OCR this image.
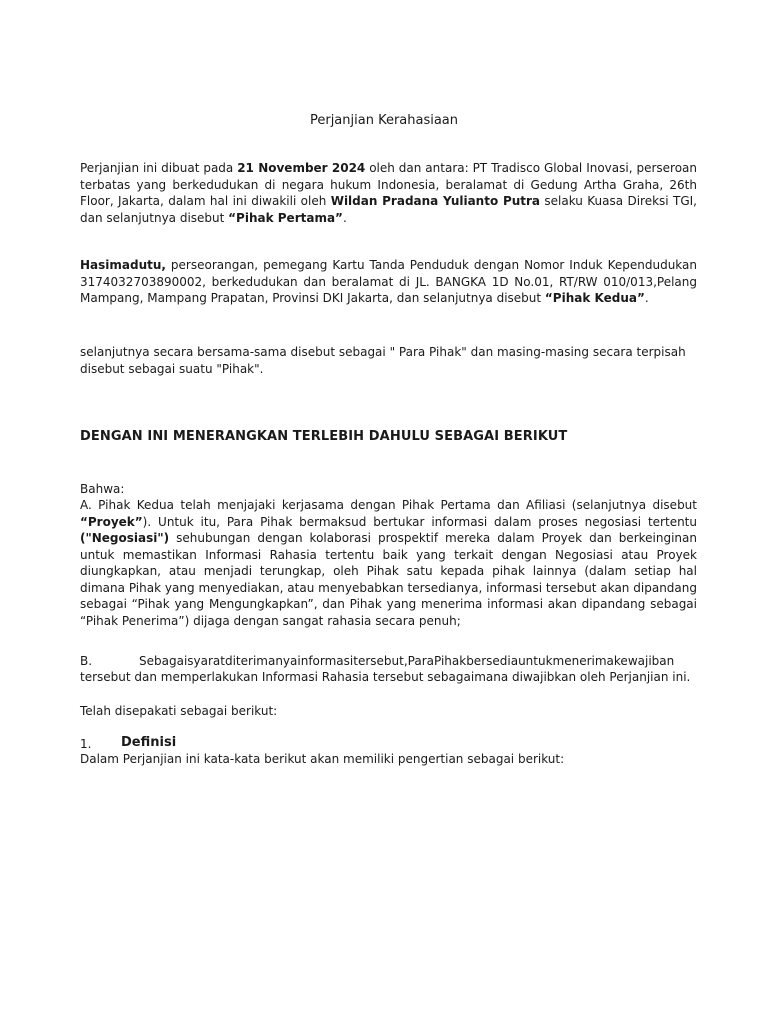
Perjanjian Kerahasiaan
Perjanjian ini dibuat pada 21 November 2024 oleh dan antara: PT Tradisco Global Inovasi, perseroan terbatas yang berkedudukan di negara hukum Indonesia, beralamat di Gedung Artha Graha, 26th Floor, Jakarta, dalam hal ini diwakili oleh Wildan Pradana Yulianto Putra selaku Kuasa Direksi TGI, dan selanjutnya disebut “Pihak Pertama”.
Hasimadutu, perseorangan, pemegang Kartu Tanda Penduduk dengan Nomor Induk Kependudukan 3174032703890002, berkedudukan dan beralamat di JL. BANGKA 1D No.01, RT/RW 010/013,Pelang Mampang, Mampang Prapatan, Provinsi DKI Jakarta, dan selanjutnya disebut “Pihak Kedua”.
selanjutnya secara bersama-sama disebut sebagai " Para Pihak" dan masing-masing secara terpisah disebut sebagai suatu "Pihak".
DENGAN INI MENERANGKAN TERLEBIH DAHULU SEBAGAI BERIKUT
Bahwa:
A. Pihak Kedua telah menjajaki kerjasama dengan Pihak Pertama dan Afiliasi (selanjutnya disebut “Proyek”). Untuk itu, Para Pihak bermaksud bertukar informasi dalam proses negosiasi tertentu ("Negosiasi") sehubungan dengan kolaborasi prospektif mereka dalam Proyek dan berkeinginan untuk memastikan Informasi Rahasia tertentu baik yang terkait dengan Negosiasi atau Proyek diungkapkan, atau menjadi terungkap, oleh Pihak satu kepada pihak lainnya (dalam setiap hal dimana Pihak yang menyediakan, atau menyebabkan tersedianya, informasi tersebut akan dipandang sebagai “Pihak yang Mengungkapkan”, dan Pihak yang menerima informasi akan dipandang sebagai “Pihak Penerima”) dijaga dengan sangat rahasia secara penuh;
B.	Sebagaisyaratditerimanyainformasitersebut,ParaPihakbersediauntukmenerimakewajiban
tersebut dan memperlakukan Informasi Rahasia tersebut sebagaimana diwajibkan oleh Perjanjian ini.
Telah disepakati sebagai berikut:
1. Definisi
Dalam Perjanjian ini kata-kata berikut akan memiliki pengertian sebagai berikut:
